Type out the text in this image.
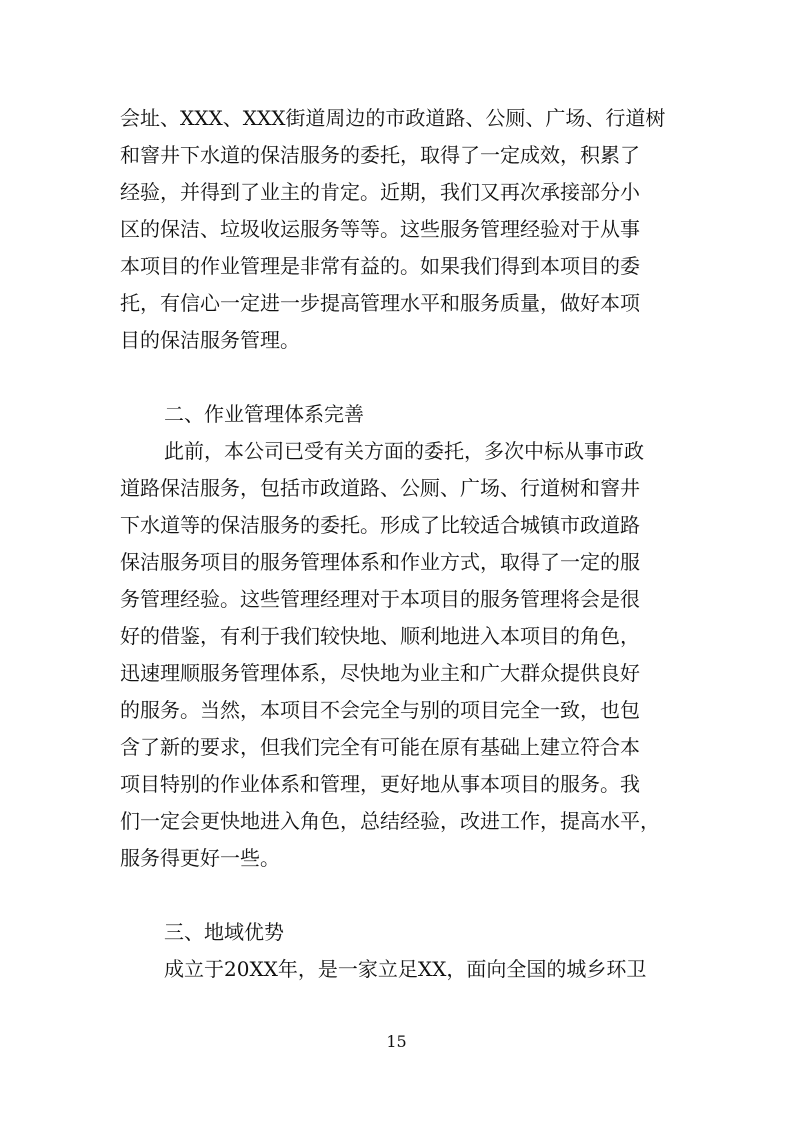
会址、XXX、XXX街道周边的市政道路、公厕、广场、行道树
和窨井下水道的保洁服务的委托，取得了一定成效，积累了
经验，并得到了业主的肯定。近期，我们又再次承接部分小
区的保洁、垃圾收运服务等等。这些服务管理经验对于从事
本项目的作业管理是非常有益的。如果我们得到本项目的委
托，有信心一定进一步提高管理水平和服务质量，做好本项
目的保洁服务管理。
二、作业管理体系完善
此前，本公司已受有关方面的委托，多次中标从事市政
道路保洁服务，包括市政道路、公厕、广场、行道树和窨井
下水道等的保洁服务的委托。形成了比较适合城镇市政道路
保洁服务项目的服务管理体系和作业方式，取得了一定的服
务管理经验。这些管理经理对于本项目的服务管理将会是很
好的借鉴，有利于我们较快地、顺利地进入本项目的角色，
迅速理顺服务管理体系，尽快地为业主和广大群众提供良好
的服务。当然，本项目不会完全与别的项目完全一致，也包
含了新的要求，但我们完全有可能在原有基础上建立符合本
项目特别的作业体系和管理，更好地从事本项目的服务。我
们一定会更快地进入角色，总结经验，改进工作，提高水平，
服务得更好一些。
三、地域优势
成立于20XX年，是一家立足XX，面向全国的城乡环卫
15
